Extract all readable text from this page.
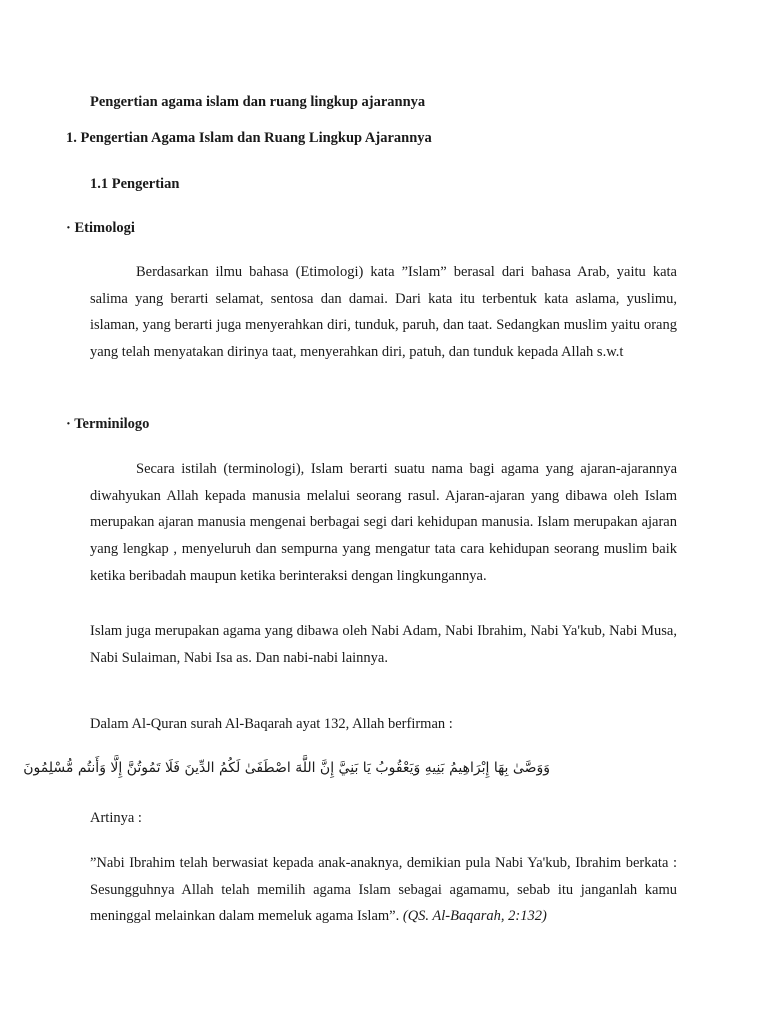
Pengertian agama islam dan ruang lingkup ajarannya
1. Pengertian Agama Islam dan Ruang Lingkup Ajarannya
1.1 Pengertian
· Etimologi
Berdasarkan ilmu bahasa (Etimologi) kata ”Islam” berasal dari bahasa Arab, yaitu kata salima yang berarti selamat, sentosa dan damai. Dari kata itu terbentuk kata aslama, yuslimu, islaman, yang berarti juga menyerahkan diri, tunduk, paruh, dan taat. Sedangkan muslim yaitu orang yang telah menyatakan dirinya taat, menyerahkan diri, patuh, dan tunduk kepada Allah s.w.t
· Terminilogo
Secara istilah (terminologi), Islam berarti suatu nama bagi agama yang ajaran-ajarannya diwahyukan Allah kepada manusia melalui seorang rasul. Ajaran-ajaran yang dibawa oleh Islam merupakan ajaran manusia mengenai berbagai segi dari kehidupan manusia. Islam merupakan ajaran yang lengkap , menyeluruh dan sempurna yang mengatur tata cara kehidupan seorang muslim baik ketika beribadah maupun ketika berinteraksi dengan lingkungannya.
Islam juga merupakan agama yang dibawa oleh Nabi Adam, Nabi Ibrahim, Nabi Ya'kub, Nabi Musa, Nabi Sulaiman, Nabi Isa as. Dan nabi-nabi lainnya.
Dalam Al-Quran surah Al-Baqarah ayat 132, Allah berfirman :
وَوَصَّىٰ بِهَا إِبْرَاهِيمُ بَنِيهِ وَيَعْقُوبُ يَا بَنِيَّ إِنَّ اللَّهَ اصْطَفَىٰ لَكُمُ الدِّينَ فَلَا تَمُوتُنَّ إِلَّا وَأَنتُم مُّسْلِمُونَ
Artinya :
”Nabi Ibrahim telah berwasiat kepada anak-anaknya, demikian pula Nabi Ya'kub, Ibrahim berkata : Sesungguhnya Allah telah memilih agama Islam sebagai agamamu, sebab itu janganlah kamu meninggal melainkan dalam memeluk agama Islam”. (QS. Al-Baqarah, 2:132)
